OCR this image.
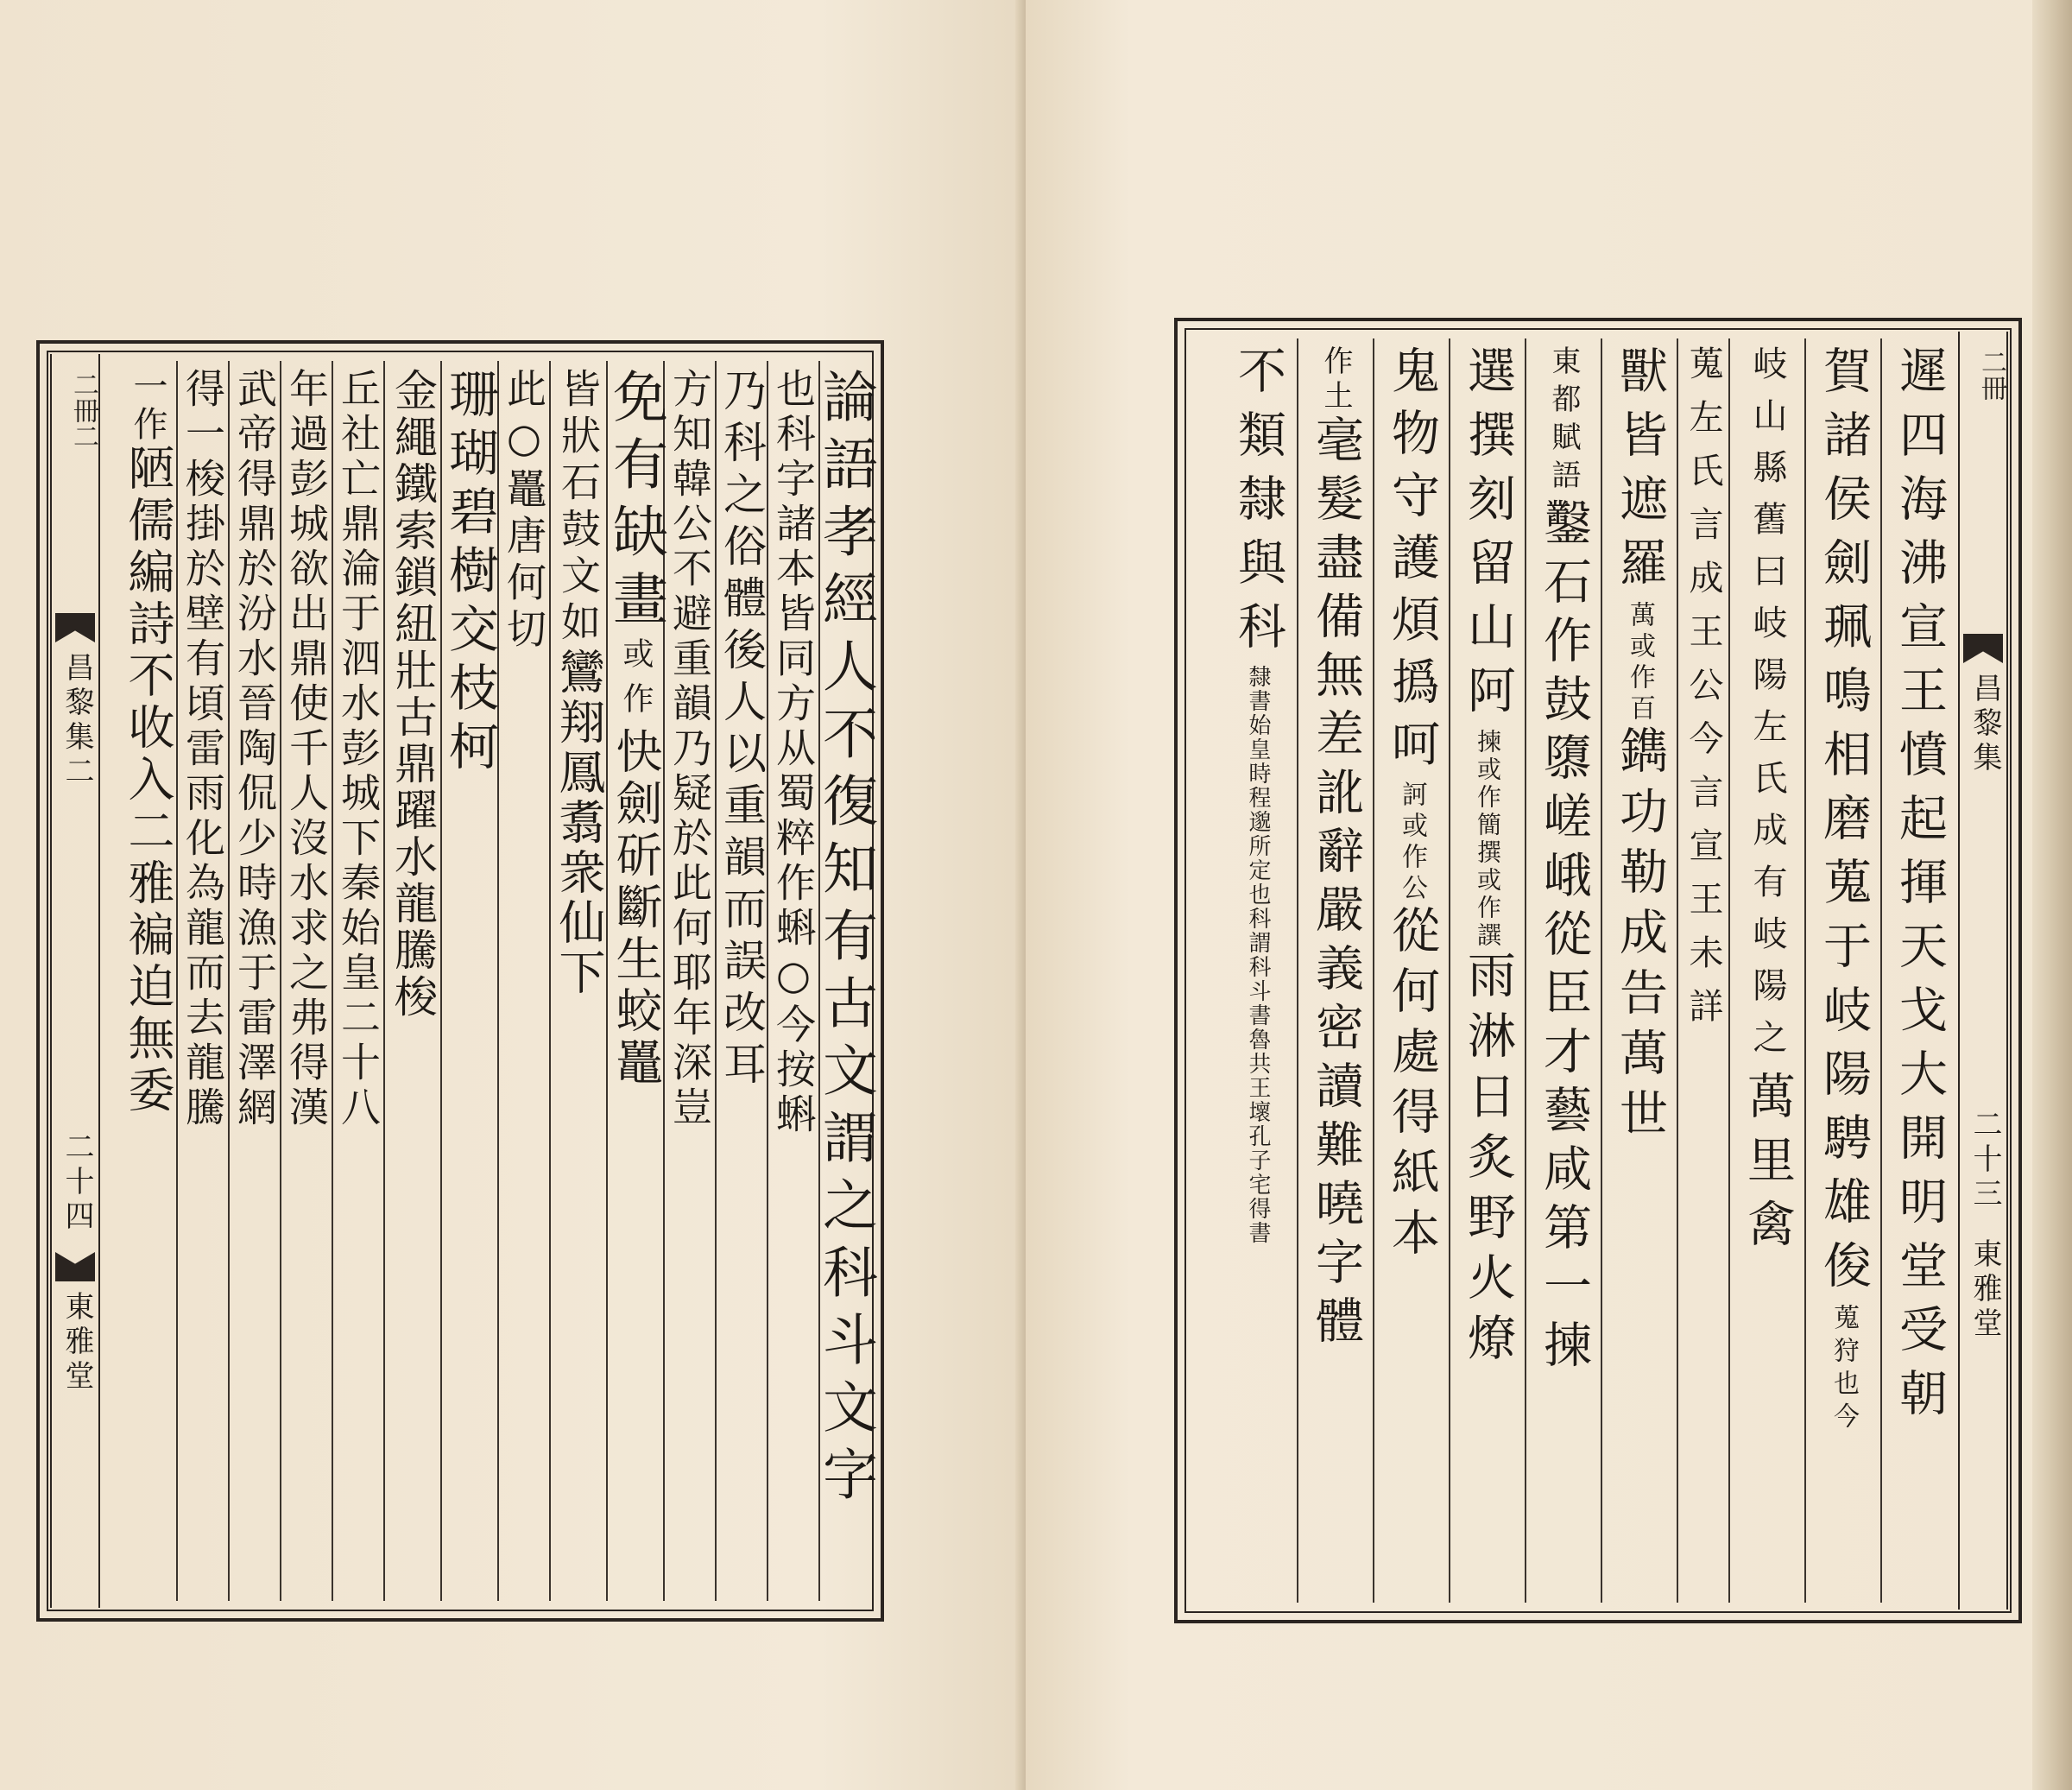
二冊二
昌黎集二
二十四
東雅堂	論語孝經人不復知有古文謂之科斗文字
也科字諸本皆同方从蜀粹作蝌○今按蝌
乃科之俗體後人以重韻而誤改耳
方知韓公不避重韻乃疑於此何耶年深豈
免有缺畫
或作
快劍斫斷生蛟鼉
皆狀石鼓文如
鸞翔鳳翥衆仙下
此○鼉唐何切
珊瑚碧樹交枝柯
金繩鐵索鎖紐壯古鼎躍水龍騰梭
丘社亡鼎淪于泗水彭城下秦始皇二十八
年過彭城欲出鼎使千人沒水求之弗得漢
武帝得鼎於汾水晉陶侃少時漁于雷澤網
得一梭掛於壁有頃雷雨化為龍而去龍騰
一作
陋儒編詩不收入
二雅褊迫無委
二冊
昌黎集
二十三
東雅堂
遲四海沸宣王憤起揮天戈大開明堂受朝
賀諸侯劍珮鳴相磨蒐于岐陽騁雄俊
蒐狩也今
岐山縣舊曰岐陽左氏成有岐陽之
萬里禽
蒐左氏言成王公今言宣王未詳
獸皆遮羅
萬或作百
鐫功勒成告萬世
東都賦語
鑿石作鼓隳嵯峨從臣才藝咸第一揀
選撰刻留山阿
揀或作簡撰或作譔
雨淋日炙野火燎
鬼物守護煩撝呵
訶或作公
從何處得紙本
作土
毫髮盡備無差訛辭嚴義密讀難曉字體
不類隸與科
隸書始皇時程邈所定也科謂科斗書魯共王壞孔子宅得書
